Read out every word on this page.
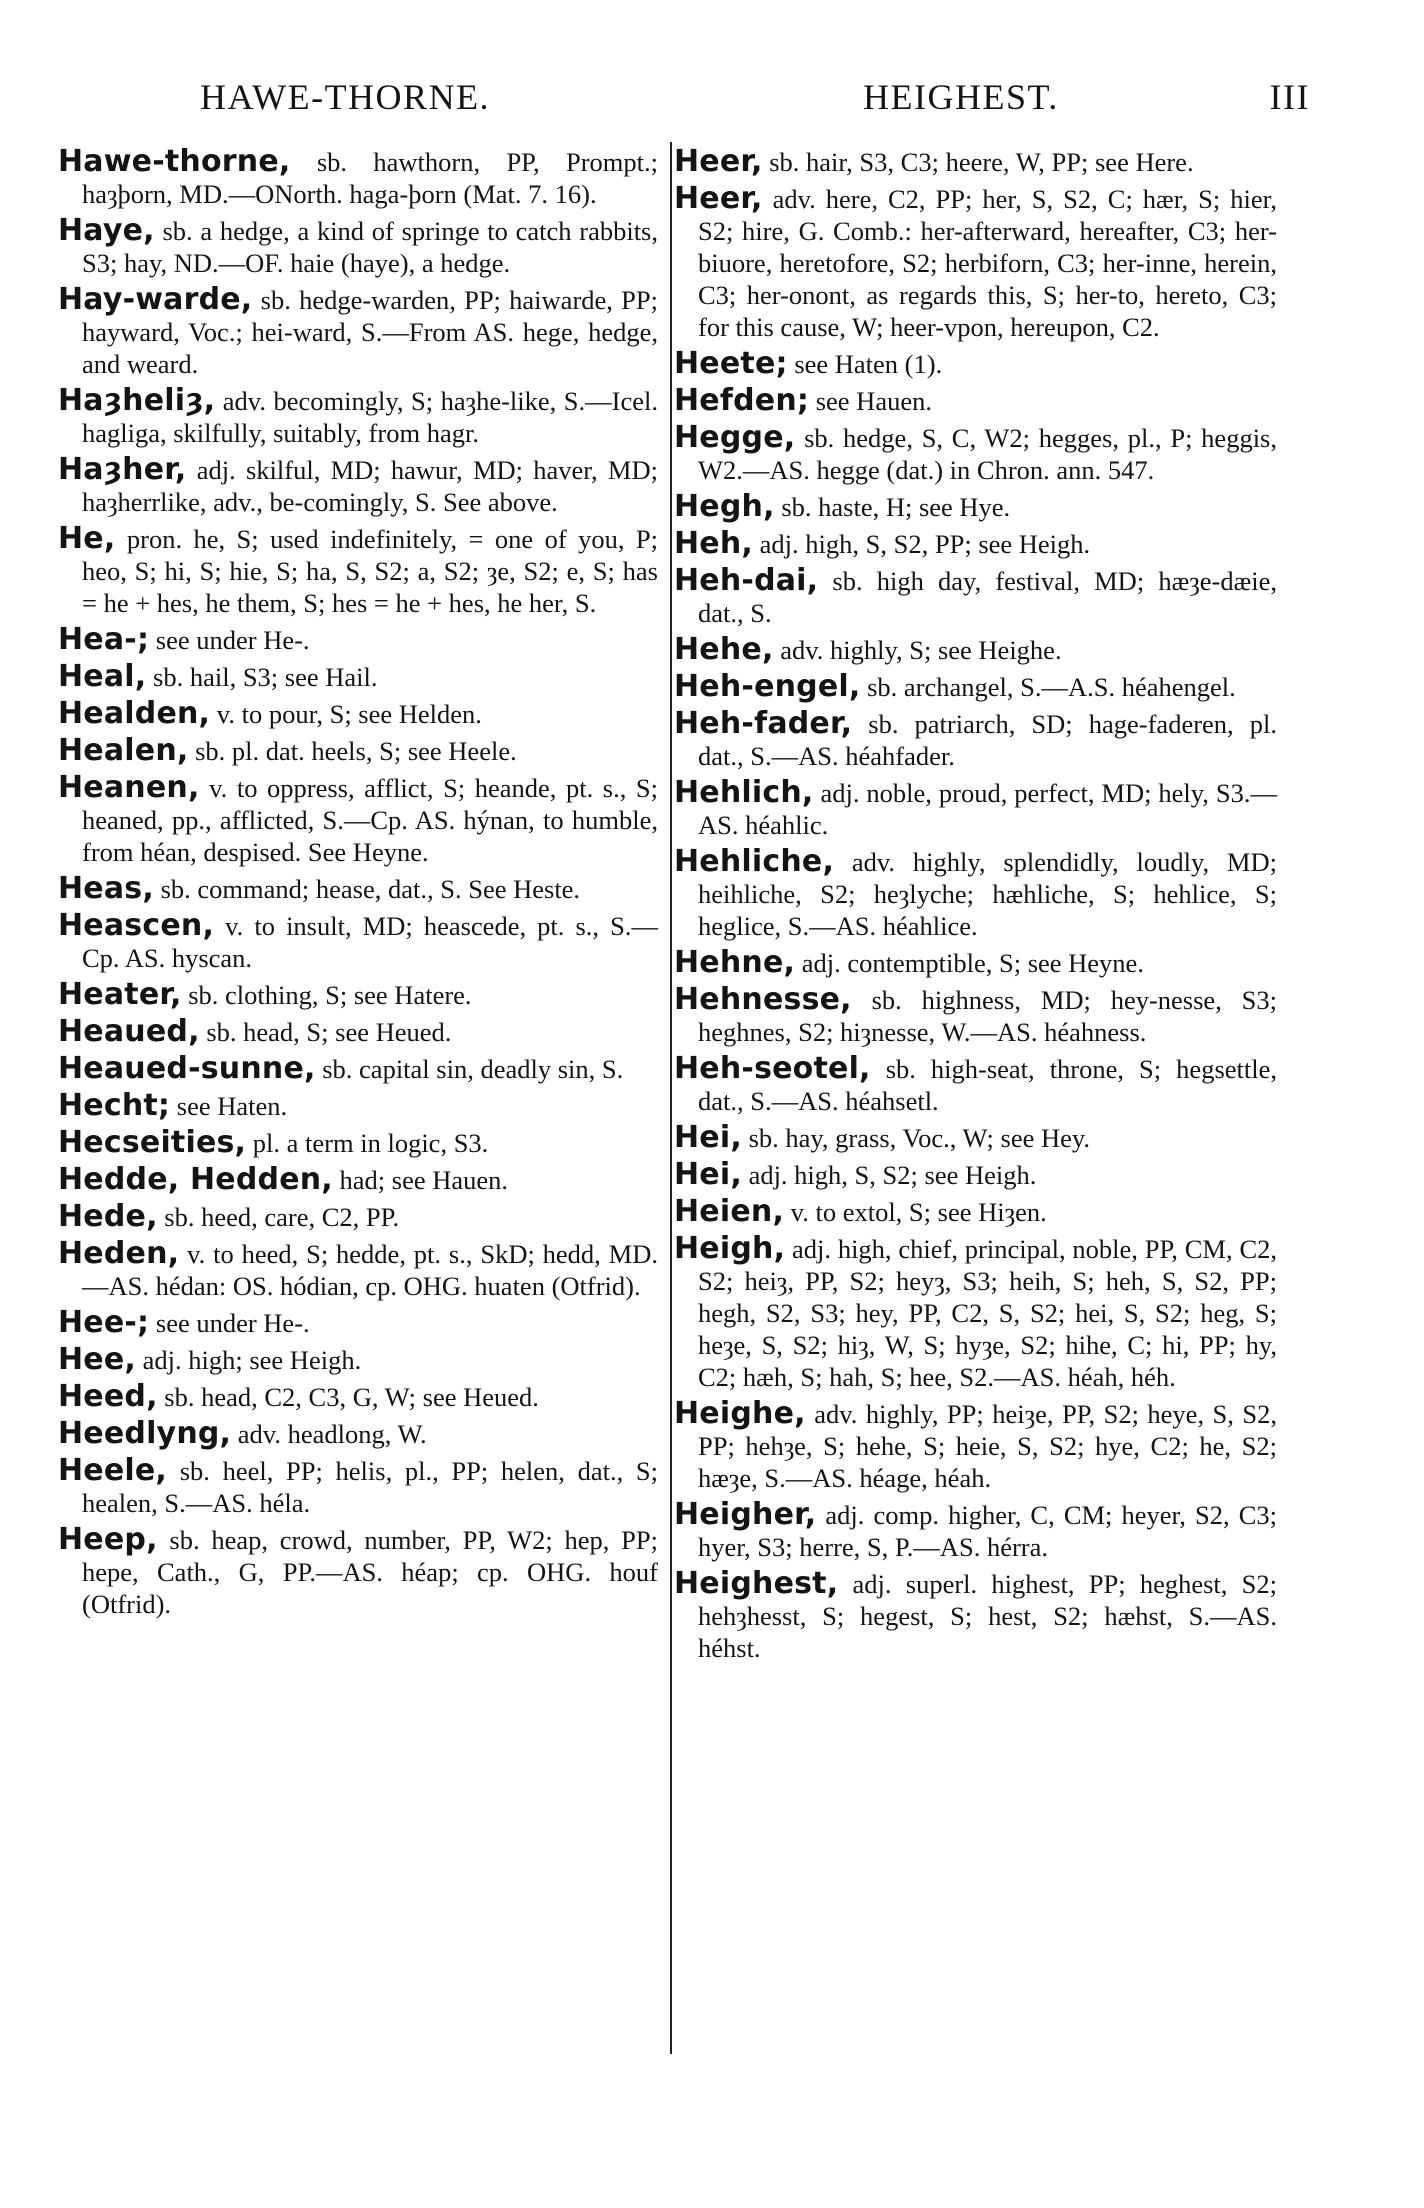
HAWE-THORNE.	HEIGHEST.	III
Hawe-thorne, sb. hawthorn, PP, Prompt.; haȝþorn, MD.—ONorth. haga-þorn (Mat. 7. 16).
Haye, sb. a hedge, a kind of springe to catch rabbits, S3; hay, ND.—OF. haie (haye), a hedge.
Hay-warde, sb. hedge-warden, PP; haiwarde, PP; hayward, Voc.; hei-ward, S.—From AS. hege, hedge, and weard.
Haȝheliȝ, adv. becomingly, S; haȝhe-like, S.—Icel. hagliga, skilfully, suitably, from hagr.
Haȝher, adj. skilful, MD; hawur, MD; haver, MD; haȝherrlike, adv., be-comingly, S. See above.
He, pron. he, S; used indefinitely, = one of you, P; heo, S; hi, S; hie, S; ha, S, S2; a, S2; ȝe, S2; e, S; has = he + hes, he them, S; hes = he + hes, he her, S.
Hea-; see under He-.
Heal, sb. hail, S3; see Hail.
Healden, v. to pour, S; see Helden.
Healen, sb. pl. dat. heels, S; see Heele.
Heanen, v. to oppress, afflict, S; heande, pt. s., S; heaned, pp., afflicted, S.—Cp. AS. hýnan, to humble, from héan, despised. See Heyne.
Heas, sb. command; hease, dat., S. See Heste.
Heascen, v. to insult, MD; heascede, pt. s., S.—Cp. AS. hyscan.
Heater, sb. clothing, S; see Hatere.
Heaued, sb. head, S; see Heued.
Heaued-sunne, sb. capital sin, deadly sin, S.
Hecht; see Haten.
Hecseities, pl. a term in logic, S3.
Hedde, Hedden, had; see Hauen.
Hede, sb. heed, care, C2, PP.
Heden, v. to heed, S; hedde, pt. s., SkD; hedd, MD.—AS. hédan: OS. hódian, cp. OHG. huaten (Otfrid).
Hee-; see under He-.
Hee, adj. high; see Heigh.
Heed, sb. head, C2, C3, G, W; see Heued.
Heedlyng, adv. headlong, W.
Heele, sb. heel, PP; helis, pl., PP; helen, dat., S; healen, S.—AS. héla.
Heep, sb. heap, crowd, number, PP, W2; hep, PP; hepe, Cath., G, PP.—AS. héap; cp. OHG. houf (Otfrid).
Heer, sb. hair, S3, C3; heere, W, PP; see Here.
Heer, adv. here, C2, PP; her, S, S2, C; hær, S; hier, S2; hire, G. Comb.: her-afterward, hereafter, C3; her-biuore, heretofore, S2; herbiforn, C3; her-inne, herein, C3; her-onont, as regards this, S; her-to, hereto, C3; for this cause, W; heer-vpon, hereupon, C2.
Heete; see Haten (1).
Hefden; see Hauen.
Hegge, sb. hedge, S, C, W2; hegges, pl., P; heggis, W2.—AS. hegge (dat.) in Chron. ann. 547.
Hegh, sb. haste, H; see Hye.
Heh, adj. high, S, S2, PP; see Heigh.
Heh-dai, sb. high day, festival, MD; hæȝe-dæie, dat., S.
Hehe, adv. highly, S; see Heighe.
Heh-engel, sb. archangel, S.—A.S. héahengel.
Heh-fader, sb. patriarch, SD; hage-faderen, pl. dat., S.—AS. héahfader.
Hehlich, adj. noble, proud, perfect, MD; hely, S3.—AS. héahlic.
Hehliche, adv. highly, splendidly, loudly, MD; heihliche, S2; heȝlyche; hæhliche, S; hehlice, S; heglice, S.—AS. héahlice.
Hehne, adj. contemptible, S; see Heyne.
Hehnesse, sb. highness, MD; hey-nesse, S3; heghnes, S2; hiȝnesse, W.—AS. héahness.
Heh-seotel, sb. high-seat, throne, S; hegsettle, dat., S.—AS. héahsetl.
Hei, sb. hay, grass, Voc., W; see Hey.
Hei, adj. high, S, S2; see Heigh.
Heien, v. to extol, S; see Hiȝen.
Heigh, adj. high, chief, principal, noble, PP, CM, C2, S2; heiȝ, PP, S2; heyȝ, S3; heih, S; heh, S, S2, PP; hegh, S2, S3; hey, PP, C2, S, S2; hei, S, S2; heg, S; heȝe, S, S2; hiȝ, W, S; hyȝe, S2; hihe, C; hi, PP; hy, C2; hæh, S; hah, S; hee, S2.—AS. héah, héh.
Heighe, adv. highly, PP; heiȝe, PP, S2; heye, S, S2, PP; hehȝe, S; hehe, S; heie, S, S2; hye, C2; he, S2; hæȝe, S.—AS. héage, héah.
Heigher, adj. comp. higher, C, CM; heyer, S2, C3; hyer, S3; herre, S, P.—AS. hérra.
Heighest, adj. superl. highest, PP; heghest, S2; hehȝhesst, S; hegest, S; hest, S2; hæhst, S.—AS. héhst.
